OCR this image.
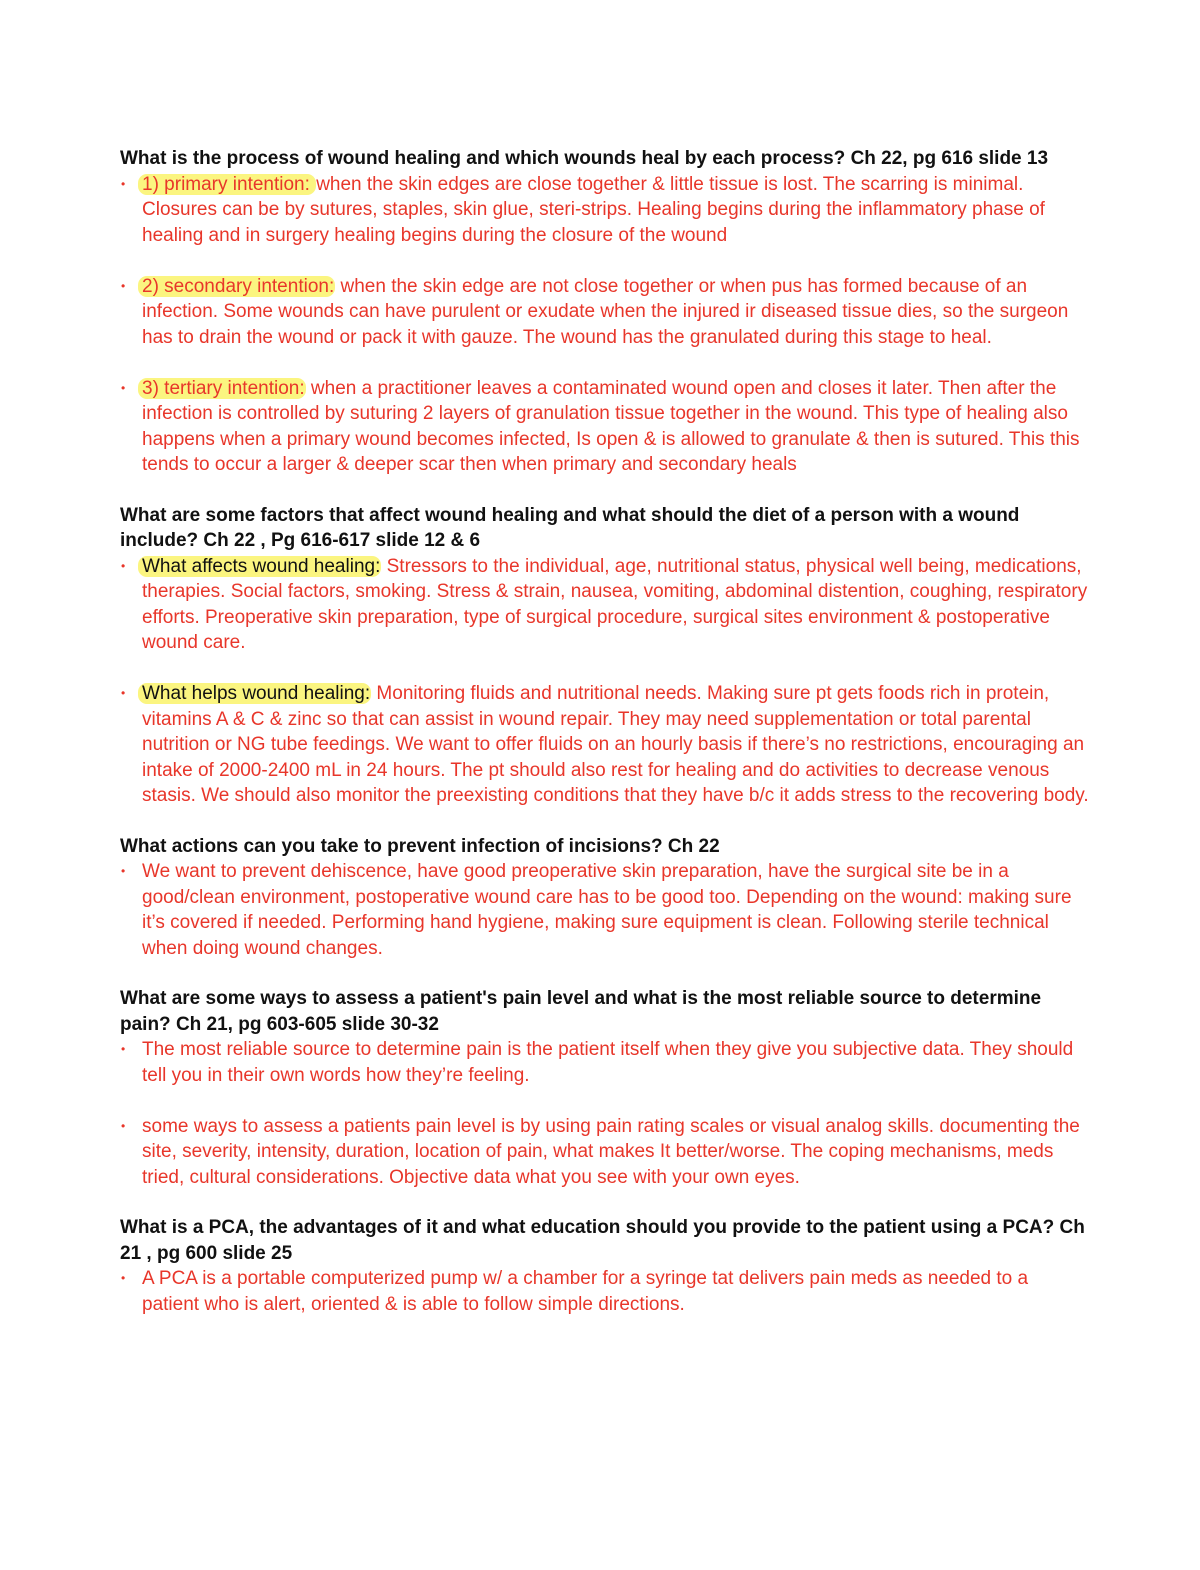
What is the process of wound healing and which wounds heal by each process? Ch 22, pg 616 slide 13

• 1) primary intention: when the skin edges are close together & little tissue is lost. The scarring is minimal. Closures can be by sutures, staples, skin glue, steri-strips. Healing begins during the inflammatory phase of healing and in surgery healing begins during the closure of the wound
• 2) secondary intention: when the skin edge are not close together or when pus has formed because of an infection. Some wounds can have purulent or exudate when the injured ir diseased tissue dies, so the surgeon has to drain the wound or pack it with gauze. The wound has the granulated during this stage to heal.
• 3) tertiary intention: when a practitioner leaves a contaminated wound open and closes it later. Then after the infection is controlled by suturing 2 layers of granulation tissue together in the wound. This type of healing also happens when a primary wound becomes infected, Is open & is allowed to granulate & then is sutured. This this tends to occur a larger & deeper scar then when primary and secondary heals

What are some factors that affect wound healing and what should the diet of a person with a wound include? Ch 22 , Pg 616-617 slide 12 & 6

• What affects wound healing: Stressors to the individual, age, nutritional status, physical well being, medications, therapies. Social factors, smoking. Stress & strain, nausea, vomiting, abdominal distention, coughing, respiratory efforts. Preoperative skin preparation, type of surgical procedure, surgical sites environment & postoperative wound care.
• What helps wound healing: Monitoring fluids and nutritional needs. Making sure pt gets foods rich in protein, vitamins A & C & zinc so that can assist in wound repair. They may need supplementation or total parental nutrition or NG tube feedings. We want to offer fluids on an hourly basis if there’s no restrictions, encouraging an intake of 2000-2400 mL in 24 hours. The pt should also rest for healing and do activities to decrease venous stasis. We should also monitor the preexisting conditions that they have b/c it adds stress to the recovering body.

What actions can you take to prevent infection of incisions? Ch 22

• We want to prevent dehiscence, have good preoperative skin preparation, have the surgical site be in a good/clean environment, postoperative wound care has to be good too. Depending on the wound: making sure it’s covered if needed. Performing hand hygiene, making sure equipment is clean. Following sterile technical when doing wound changes.

What are some ways to assess a patient's pain level and what is the most reliable source to determine pain? Ch 21, pg 603-605 slide 30-32

• The most reliable source to determine pain is the patient itself when they give you subjective data. They should tell you in their own words how they’re feeling.
• some ways to assess a patients pain level is by using pain rating scales or visual analog skills. documenting the site, severity, intensity, duration, location of pain, what makes It better/worse. The coping mechanisms, meds tried, cultural considerations. Objective data what you see with your own eyes.

What is a PCA, the advantages of it and what education should you provide to the patient using a PCA? Ch 21 , pg 600 slide 25

• A PCA is a portable computerized pump w/ a chamber for a syringe tat delivers pain meds as needed to a patient who is alert, oriented & is able to follow simple directions.
